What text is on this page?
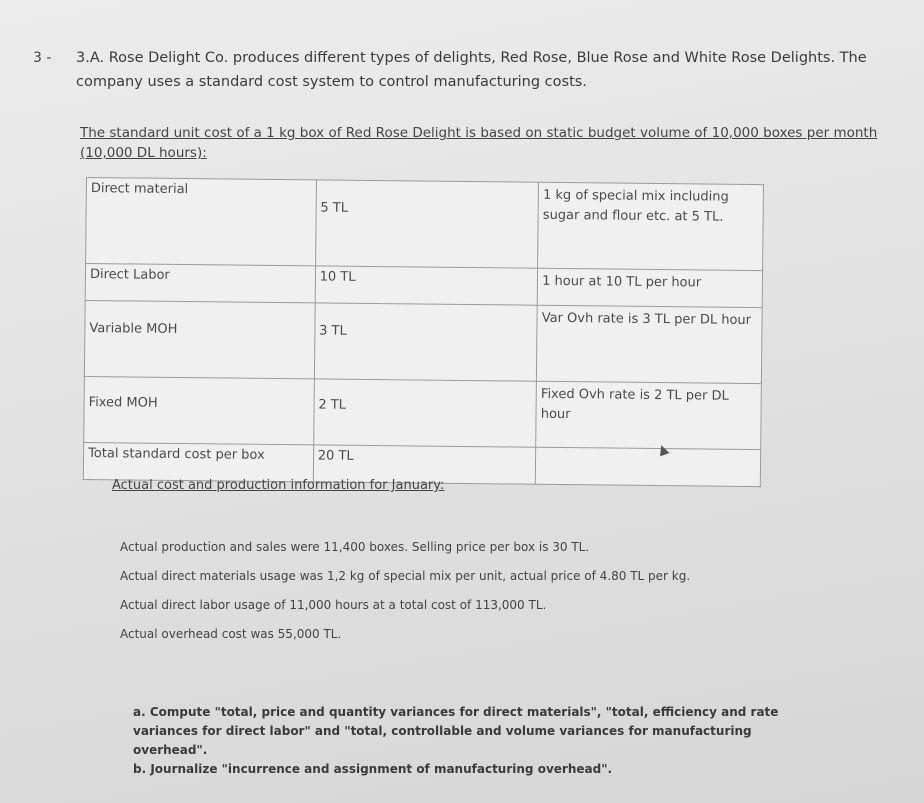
3 - 3.A. Rose Delight Co. produces different types of delights, Red Rose, Blue Rose and White Rose Delights. The company uses a standard cost system to control manufacturing costs.
The standard unit cost of a 1 kg box of Red Rose Delight is based on static budget volume of 10,000 boxes per month (10,000 DL hours):
Direct material	5 TL	1 kg of special mix including sugar and flour etc. at 5 TL.
Direct Labor	10 TL	1 hour at 10 TL per hour
Variable MOH	3 TL	Var Ovh rate is 3 TL per DL hour
Fixed MOH	2 TL	Fixed Ovh rate is 2 TL per DL hour
Total standard cost per box	20 TL	
Actual cost and production information for January:
Actual production and sales were 11,400 boxes. Selling price per box is 30 TL.
Actual direct materials usage was 1,2 kg of special mix per unit, actual price of 4.80 TL per kg.
Actual direct labor usage of 11,000 hours at a total cost of 113,000 TL.
Actual overhead cost was 55,000 TL.
a. Compute "total, price and quantity variances for direct materials", "total, efficiency and rate variances for direct labor" and "total, controllable and volume variances for manufacturing overhead".
b. Journalize "incurrence and assignment of manufacturing overhead".
